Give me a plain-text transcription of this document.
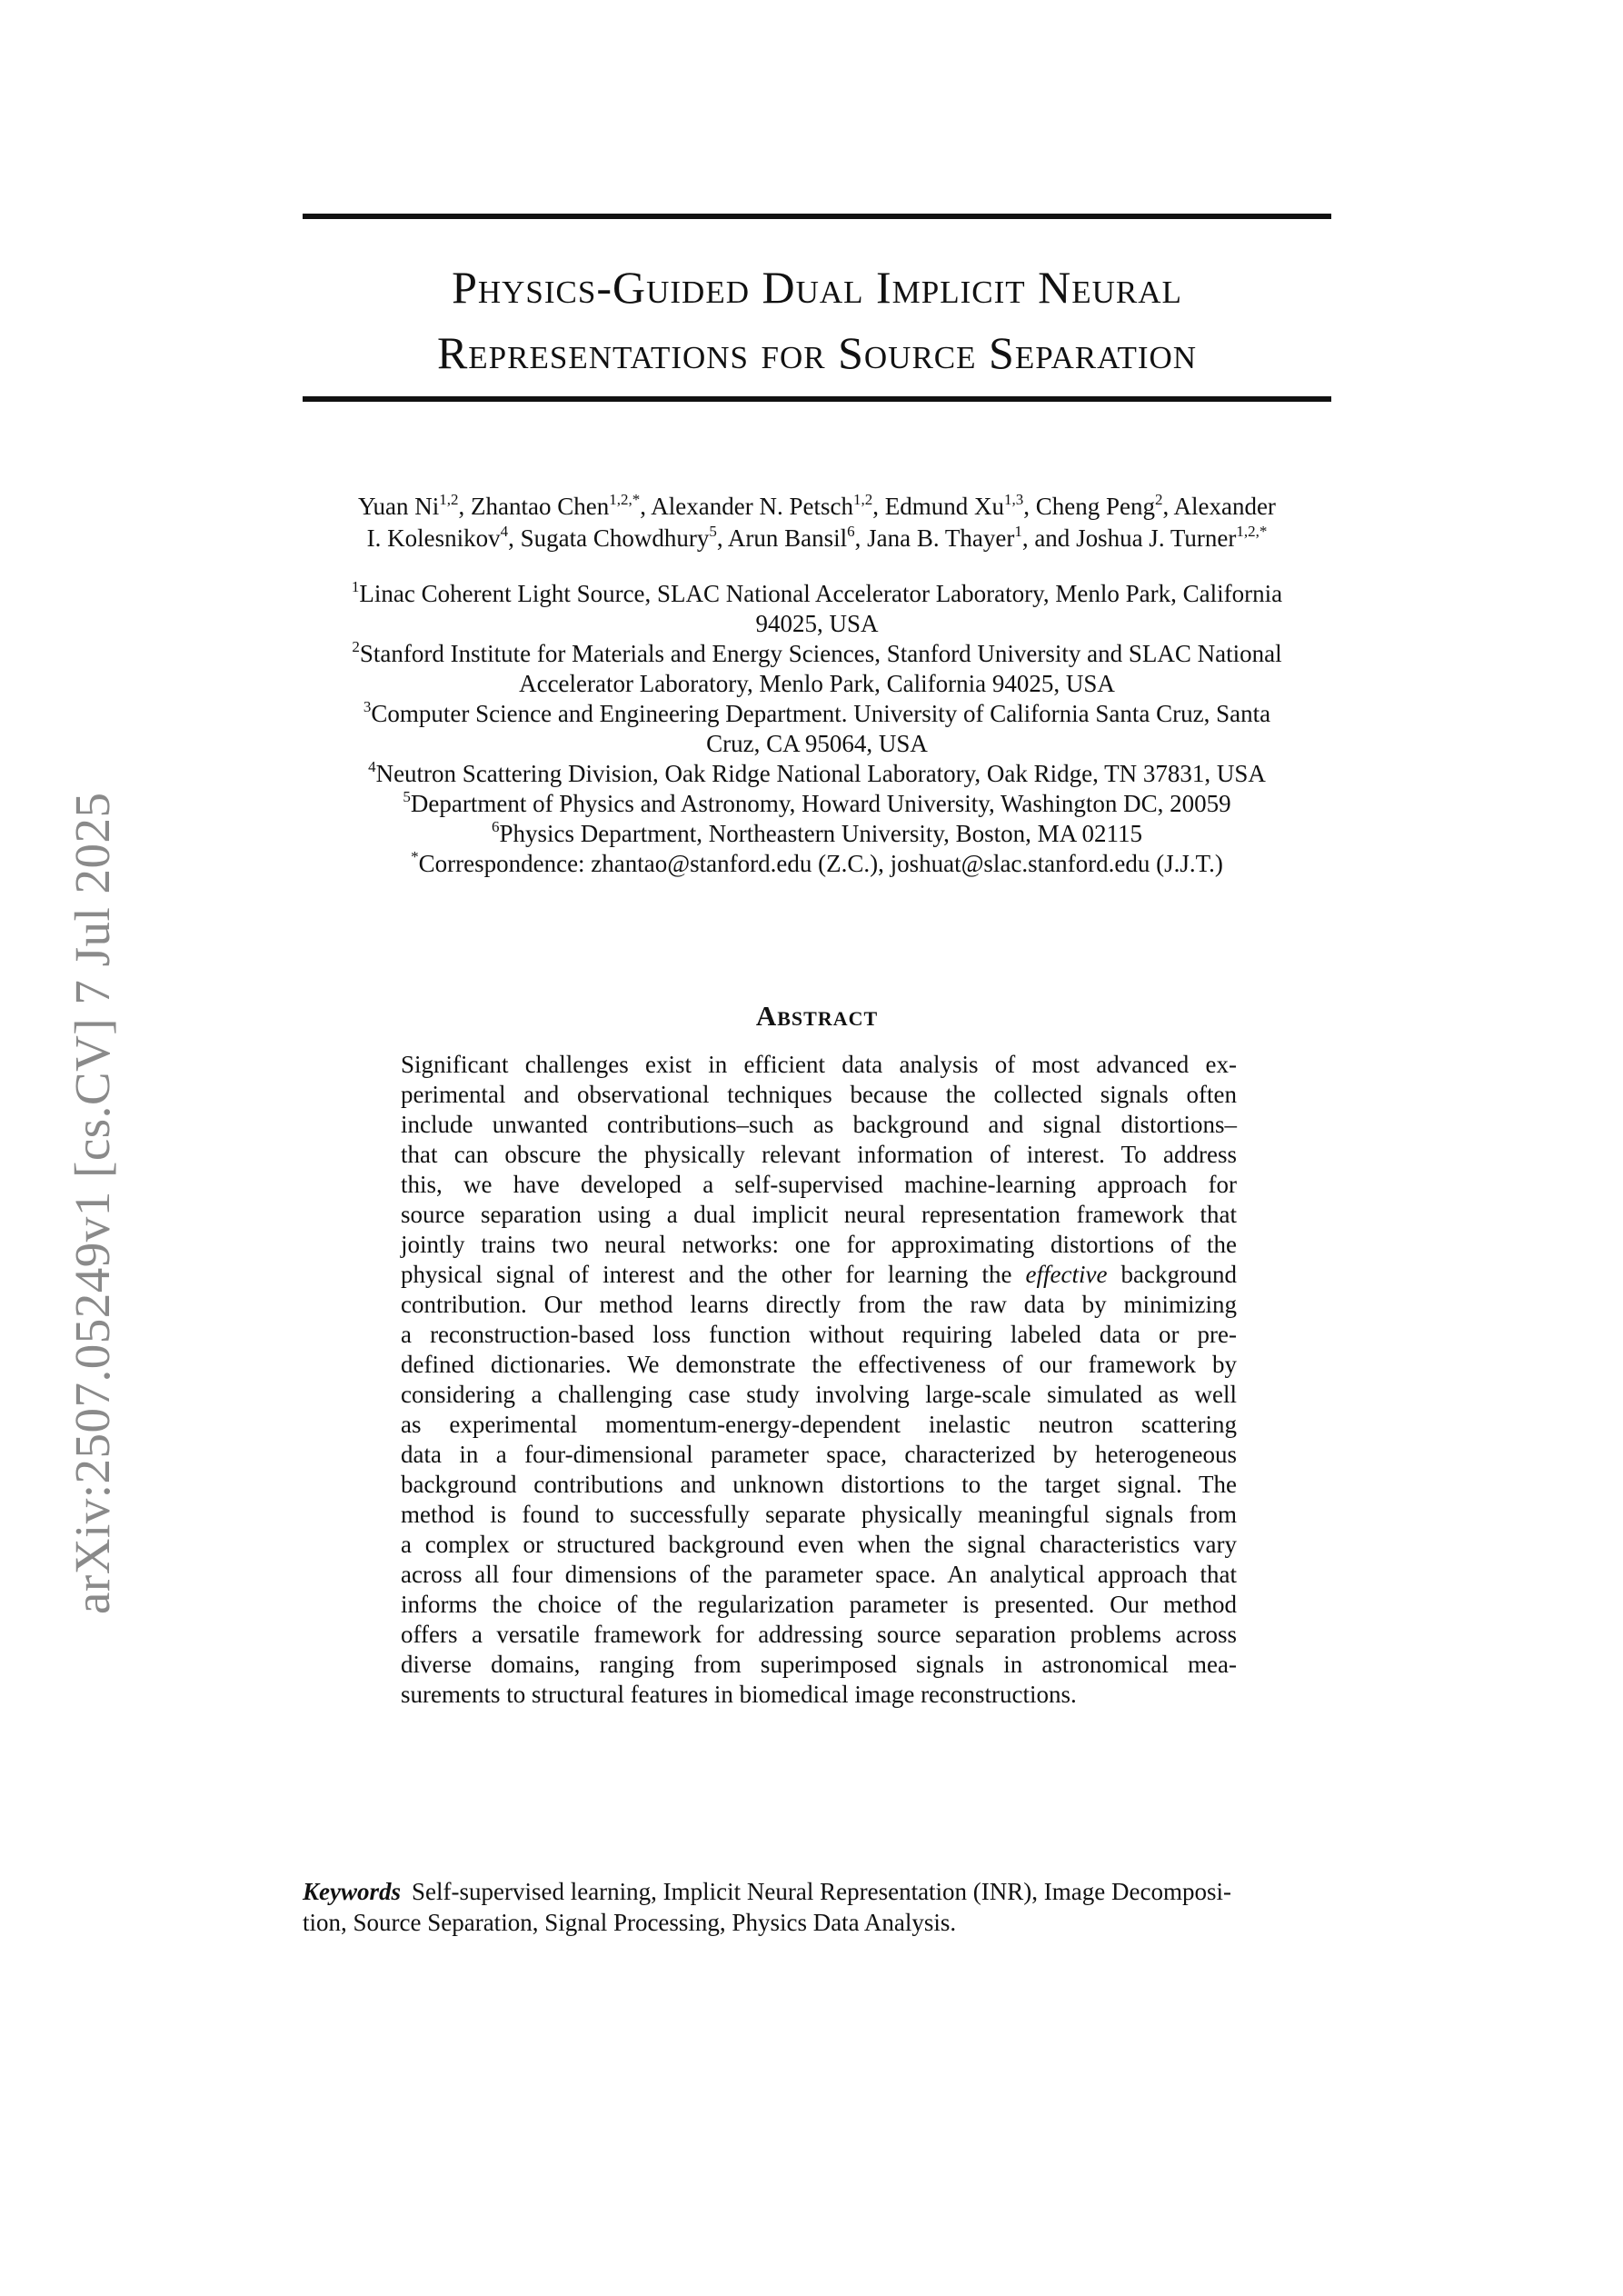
arXiv:2507.05249v1 [cs.CV] 7 Jul 2025
Physics-Guided Dual Implicit Neural
Representations for Source Separation
Yuan Ni$^{1,2}$, Zhantao Chen$^{1,2,*}$, Alexander N. Petsch$^{1,2}$, Edmund Xu$^{1,3}$, Cheng Peng$^2$, Alexander
I. Kolesnikov$^4$, Sugata Chowdhury$^5$, Arun Bansil$^6$, Jana B. Thayer$^1$, and Joshua J. Turner$^{1,2,*}$
$^1$Linac Coherent Light Source, SLAC National Accelerator Laboratory, Menlo Park, California
94025, USA
$^2$Stanford Institute for Materials and Energy Sciences, Stanford University and SLAC National
Accelerator Laboratory, Menlo Park, California 94025, USA
$^3$Computer Science and Engineering Department. University of California Santa Cruz, Santa
Cruz, CA 95064, USA
$^4$Neutron Scattering Division, Oak Ridge National Laboratory, Oak Ridge, TN 37831, USA
$^5$Department of Physics and Astronomy, Howard University, Washington DC, 20059
$^6$Physics Department, Northeastern University, Boston, MA 02115
*Correspondence: zhantao@stanford.edu (Z.C.), joshuat@slac.stanford.edu (J.J.T.)
Abstract
Significant challenges exist in efficient data analysis of most advanced ex-
perimental and observational techniques because the collected signals often
include unwanted contributions–such as background and signal distortions–
that can obscure the physically relevant information of interest. To address
this, we have developed a self-supervised machine-learning approach for
source separation using a dual implicit neural representation framework that
jointly trains two neural networks: one for approximating distortions of the
physical signal of interest and the other for learning the effective background
contribution. Our method learns directly from the raw data by minimizing
a reconstruction-based loss function without requiring labeled data or pre-
defined dictionaries. We demonstrate the effectiveness of our framework by
considering a challenging case study involving large-scale simulated as well
as experimental momentum-energy-dependent inelastic neutron scattering
data in a four-dimensional parameter space, characterized by heterogeneous
background contributions and unknown distortions to the target signal. The
method is found to successfully separate physically meaningful signals from
a complex or structured background even when the signal characteristics vary
across all four dimensions of the parameter space. An analytical approach that
informs the choice of the regularization parameter is presented. Our method
offers a versatile framework for addressing source separation problems across
diverse domains, ranging from superimposed signals in astronomical mea-
surements to structural features in biomedical image reconstructions.
Keywords Self-supervised learning, Implicit Neural Representation (INR), Image Decomposi-
tion, Source Separation, Signal Processing, Physics Data Analysis.
